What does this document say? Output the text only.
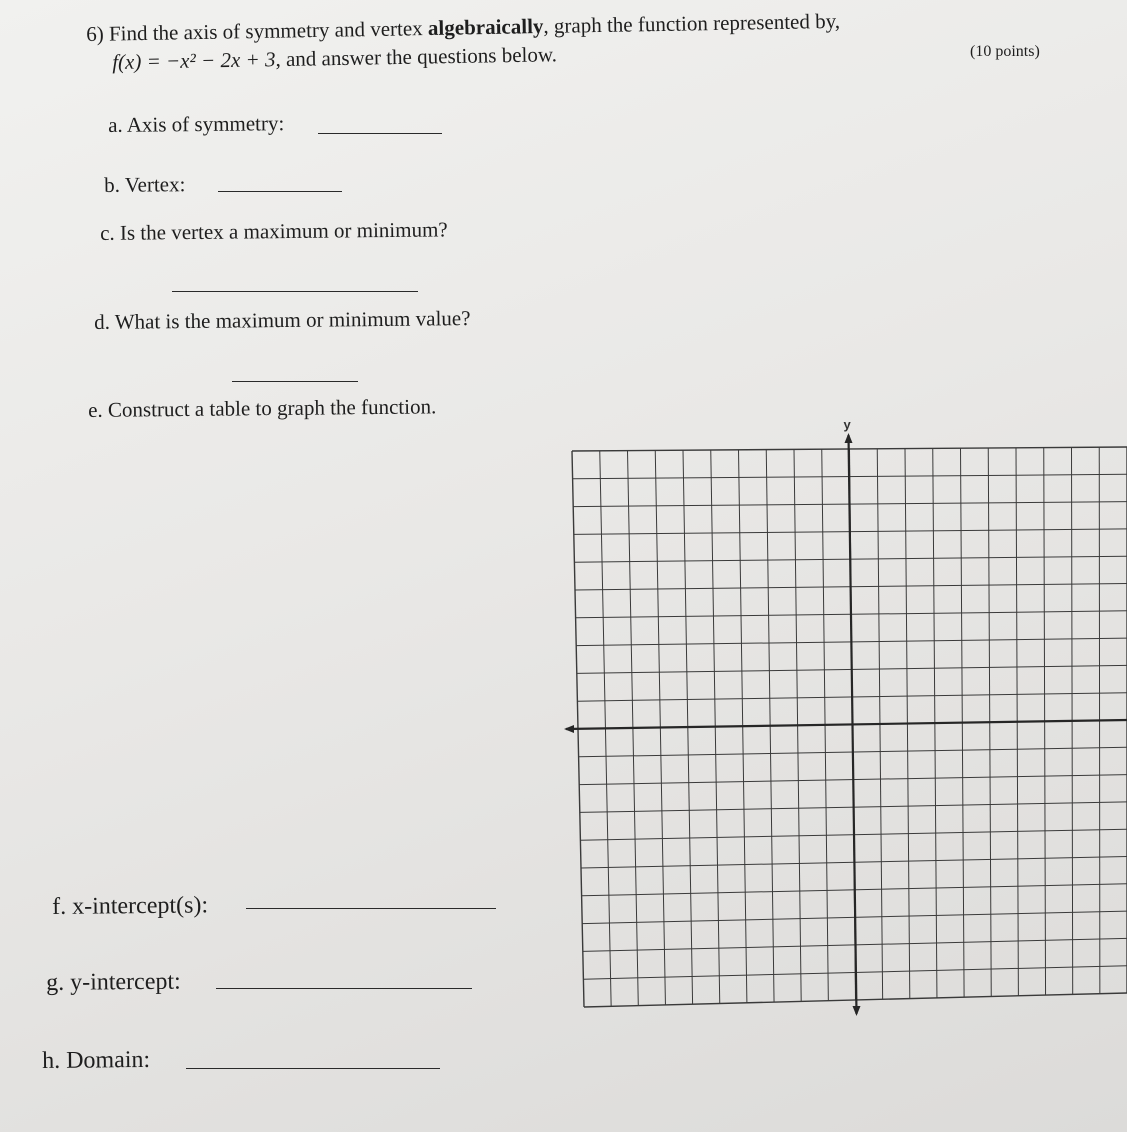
6) Find the axis of symmetry and vertex algebraically, graph the function represented by,
f(x) = −x² − 2x + 3, and answer the questions below.	(10 points)
a. Axis of symmetry:
b. Vertex:
c. Is the vertex a maximum or minimum?
d. What is the maximum or minimum value?
e. Construct a table to graph the function.
f. x-intercept(s):
g. y-intercept:
h. Domain:
y
